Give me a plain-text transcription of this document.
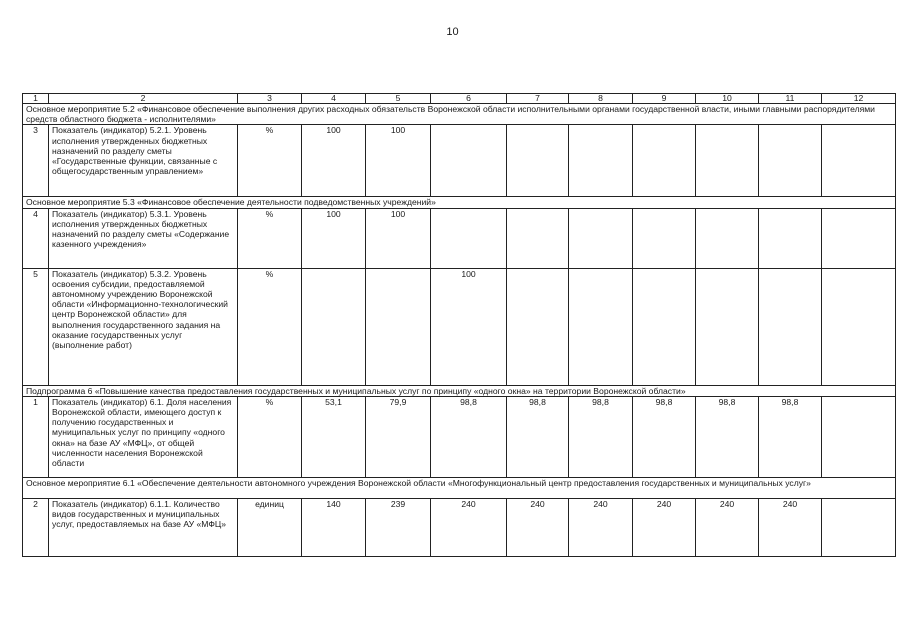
10
1	2	3	4	5	6	7	8	9	10	11	12
Основное мероприятие 5.2 «Финансовое обеспечение выполнения других расходных обязательств Воронежской области исполнительными органами государственной власти, иными главными распорядителями средств областного бюджета - исполнителями»											
3	Показатель (индикатор) 5.2.1. Уровень исполнения утвержденных бюджетных назначений по разделу сметы «Государственные функции, связанные с общегосударственным управлением»	%	100	100							
Основное мероприятие 5.3 «Финансовое обеспечение деятельности подведомственных учреждений»											
4	Показатель (индикатор) 5.3.1. Уровень исполнения утвержденных бюджетных назначений по разделу сметы «Содержание казенного учреждения»	%	100	100							
5	Показатель (индикатор) 5.3.2. Уровень освоения субсидии, предоставляемой автономному учреждению Воронежской области «Информационно-технологический центр Воронежской области» для выполнения государственного задания на оказание государственных услуг (выполнение работ)	%			100						
Подпрограмма 6 «Повышение качества предоставления государственных и муниципальных услуг по принципу «одного окна» на территории Воронежской области»											
1	Показатель (индикатор) 6.1. Доля населения Воронежской области, имеющего доступ к получению государственных и муниципальных услуг по принципу «одного окна» на базе АУ «МФЦ», от общей численности населения Воронежской области	%	53,1	79,9	98,8	98,8	98,8	98,8	98,8	98,8	
Основное мероприятие 6.1 «Обеспечение деятельности автономного учреждения Воронежской области «Многофункциональный центр предоставления государственных и муниципальных услуг»											
2	Показатель (индикатор) 6.1.1. Количество видов государственных и муниципальных услуг, предоставляемых на базе АУ «МФЦ»	единиц	140	239	240	240	240	240	240	240	
